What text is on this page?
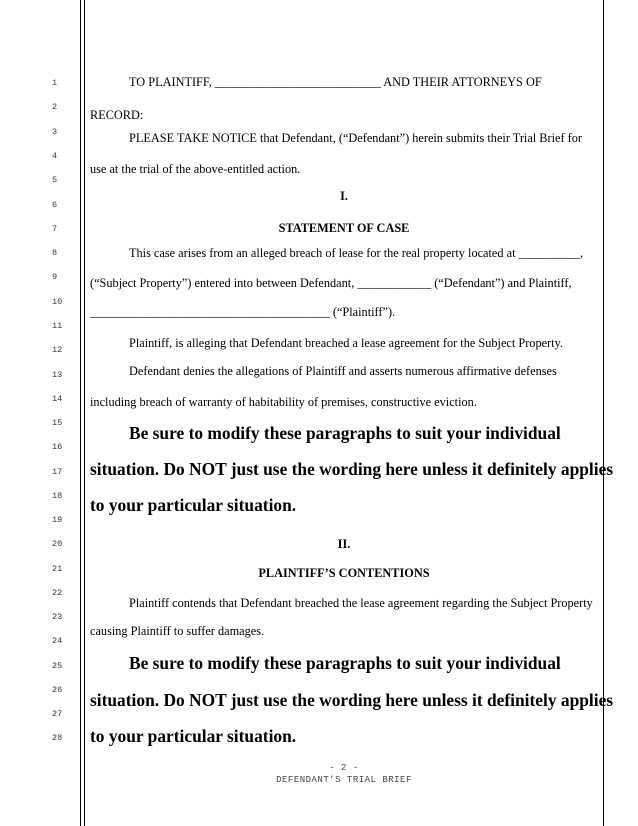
1
2
3
4
5
6
7
8
9
10
11
12
13
14
15
16
17
18
19
20
21
22
23
24
25
26
27
28
TO PLAINTIFF, ___________________________ AND THEIR ATTORNEYS OF
RECORD:
PLEASE TAKE NOTICE that Defendant, (“Defendant”) herein submits their Trial Brief for
use at the trial of the above-entitled action.
I.
STATEMENT OF CASE
This case arises from an alleged breach of lease for the real property located at __________,
(“Subject Property”) entered into between Defendant, ____________ (“Defendant”) and Plaintiff,
_______________________________________ (“Plaintiff”).
Plaintiff, is alleging that Defendant breached a lease agreement for the Subject Property.
Defendant denies the allegations of Plaintiff and asserts numerous affirmative defenses
including breach of warranty of habitability of premises, constructive eviction.
Be sure to modify these paragraphs to suit your individual
situation. Do NOT just use the wording here unless it definitely applies
to your particular situation.
II.
PLAINTIFF’S CONTENTIONS
Plaintiff contends that Defendant breached the lease agreement regarding the Subject Property
causing Plaintiff to suffer damages.
Be sure to modify these paragraphs to suit your individual
situation. Do NOT just use the wording here unless it definitely applies
to your particular situation.
- 2 -
DEFENDANT’S TRIAL BRIEF
